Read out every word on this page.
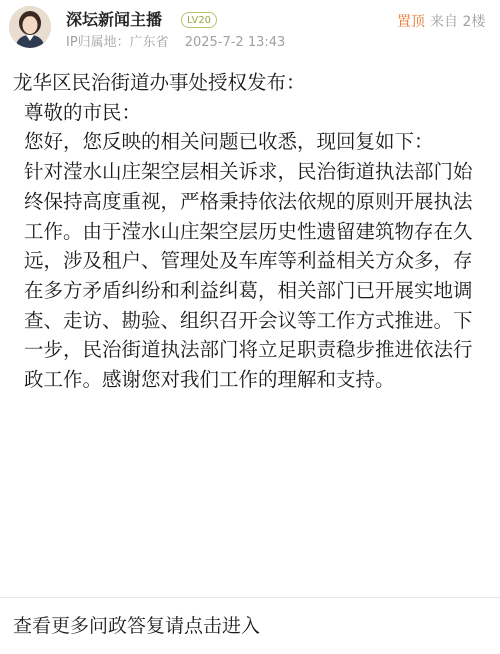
深坛新闻主播	LV20
IP归属地：广东省 2025-7-2 13:43
置顶 来自 2楼

龙华区民治街道办事处授权发布：

尊敬的市民：

您好，您反映的相关问题已收悉，现回复如下：

针对滢水山庄架空层相关诉求，民治街道执法部门始终保持高度重视，严格秉持依法依规的原则开展执法工作。由于滢水山庄架空层历史性遗留建筑物存在久远，涉及租户、管理处及车库等利益相关方众多，存在多方矛盾纠纷和利益纠葛，相关部门已开展实地调查、走访、勘验、组织召开会议等工作方式推进。下一步，民治街道执法部门将立足职责稳步推进依法行政工作。感谢您对我们工作的理解和支持。

查看更多问政答复请点击进入
